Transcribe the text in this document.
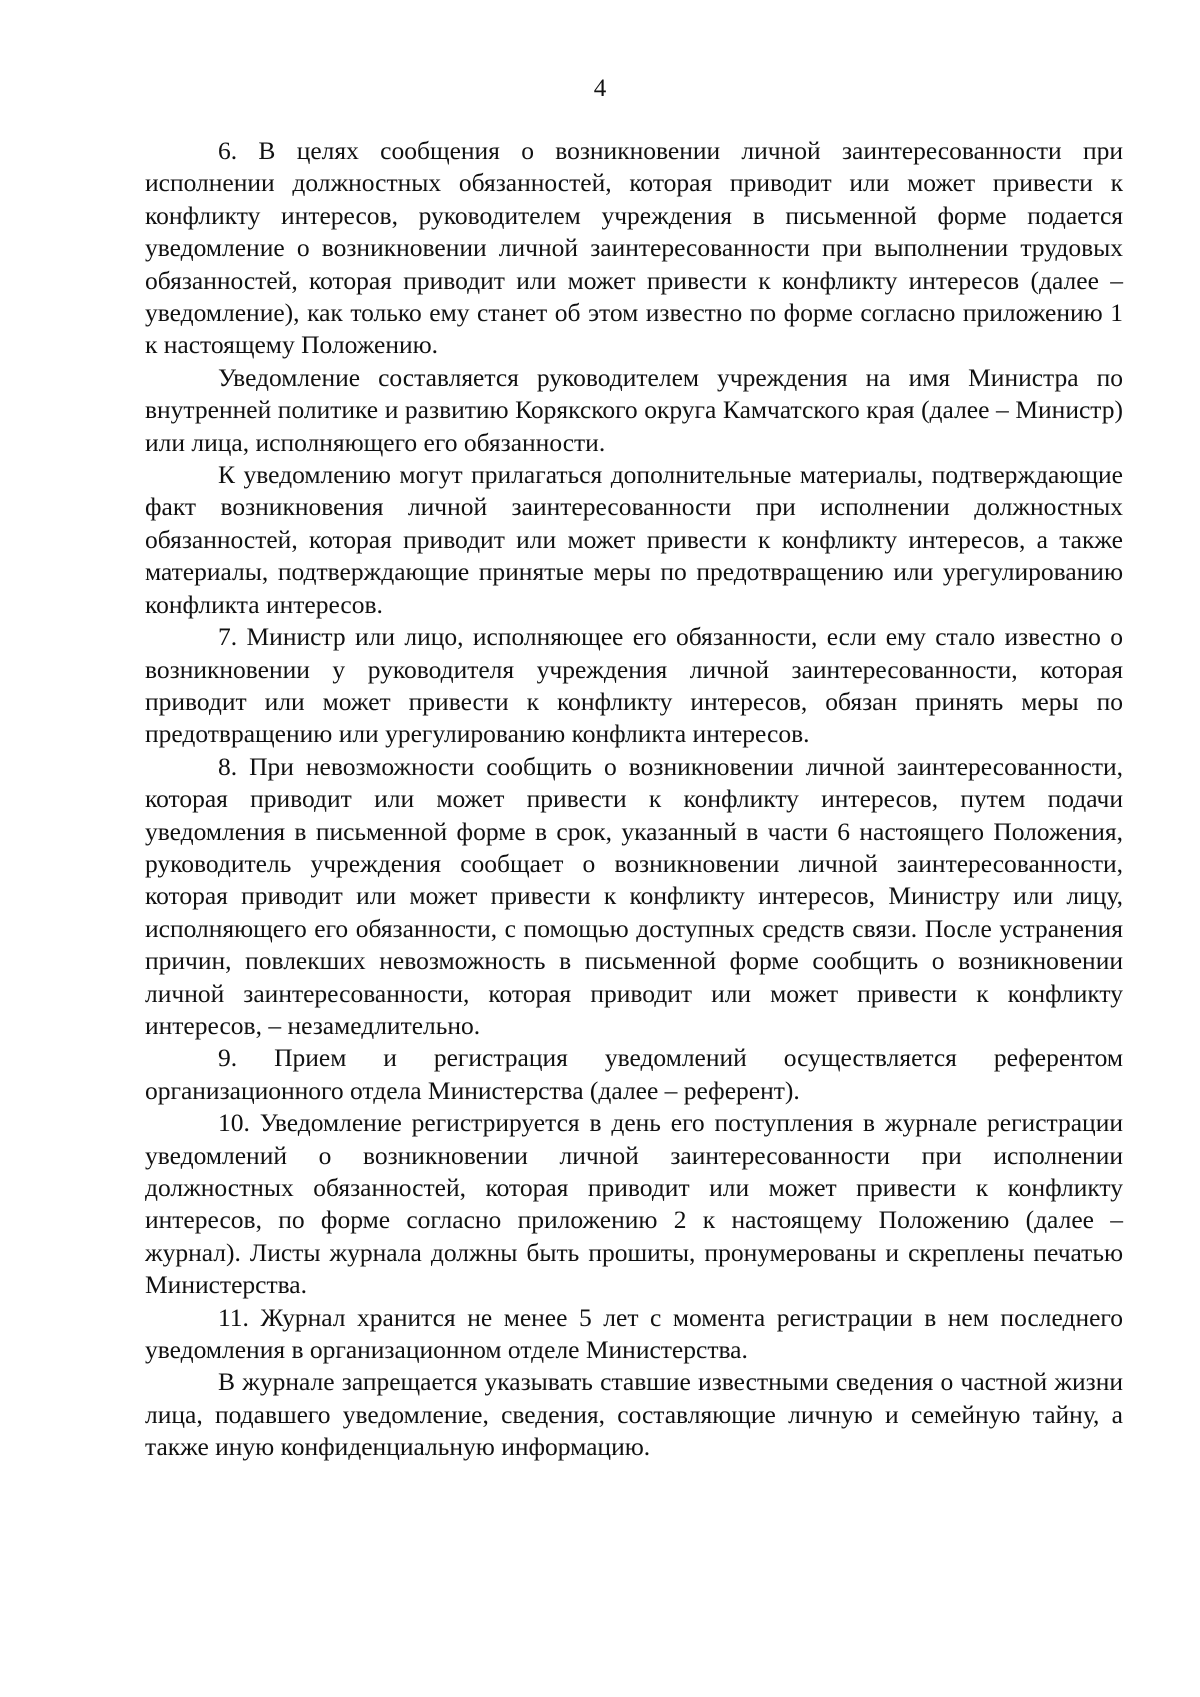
4

6. В целях сообщения о возникновении личной заинтересованности при исполнении должностных обязанностей, которая приводит или может привести к конфликту интересов, руководителем учреждения в письменной форме подается уведомление о возникновении личной заинтересованности при выполнении трудовых обязанностей, которая приводит или может привести к конфликту интересов (далее – уведомление), как только ему станет об этом известно по форме согласно приложению 1 к настоящему Положению.

Уведомление составляется руководителем учреждения на имя Министра по внутренней политике и развитию Корякского округа Камчатского края (далее – Министр) или лица, исполняющего его обязанности.

К уведомлению могут прилагаться дополнительные материалы, подтверждающие факт возникновения личной заинтересованности при исполнении должностных обязанностей, которая приводит или может привести к конфликту интересов, а также материалы, подтверждающие принятые меры по предотвращению или урегулированию конфликта интересов.

7. Министр или лицо, исполняющее его обязанности, если ему стало известно о возникновении у руководителя учреждения личной заинтересованности, которая приводит или может привести к конфликту интересов, обязан принять меры по предотвращению или урегулированию конфликта интересов.

8. При невозможности сообщить о возникновении личной заинтересованности, которая приводит или может привести к конфликту интересов, путем подачи уведомления в письменной форме в срок, указанный в части 6 настоящего Положения, руководитель учреждения сообщает о возникновении личной заинтересованности, которая приводит или может привести к конфликту интересов, Министру или лицу, исполняющего его обязанности, с помощью доступных средств связи. После устранения причин, повлекших невозможность в письменной форме сообщить о возникновении личной заинтересованности, которая приводит или может привести к конфликту интересов, – незамедлительно.

9. Прием и регистрация уведомлений осуществляется референтом организационного отдела Министерства (далее – референт).

10. Уведомление регистрируется в день его поступления в журнале регистрации уведомлений о возникновении личной заинтересованности при исполнении должностных обязанностей, которая приводит или может привести к конфликту интересов, по форме согласно приложению 2 к настоящему Положению (далее – журнал). Листы журнала должны быть прошиты, пронумерованы и скреплены печатью Министерства.

11. Журнал хранится не менее 5 лет с момента регистрации в нем последнего уведомления в организационном отделе Министерства.

В журнале запрещается указывать ставшие известными сведения о частной жизни лица, подавшего уведомление, сведения, составляющие личную и семейную тайну, а также иную конфиденциальную информацию.
